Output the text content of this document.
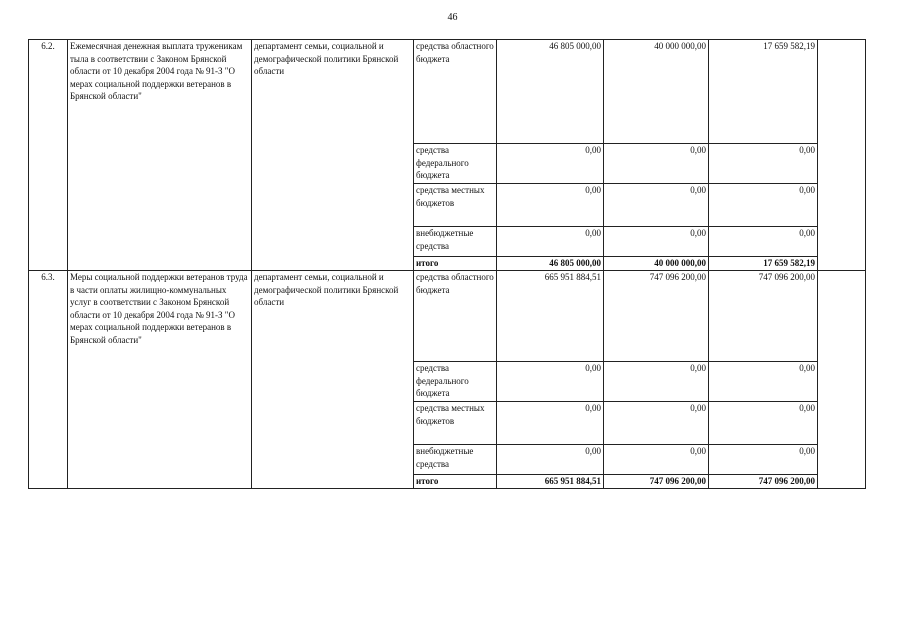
46
6.2.	Ежемесячная денежная выплата труженикам тыла в соответствии с Законом Брянской области от 10 декабря 2004 года № 91-З "О мерах социальной поддержки ветеранов в Брянской области"	департамент семьи, социальной и демографической политики Брянской области	средства областного бюджета	46 805 000,00	40 000 000,00	17 659 582,19	
			средства федерального бюджета	0,00	0,00	0,00	
			средства местных бюджетов	0,00	0,00	0,00	
			внебюджетные средства	0,00	0,00	0,00	
			итого	46 805 000,00	40 000 000,00	17 659 582,19	
6.3.	Меры социальной поддержки ветеранов труда в части оплаты жилищно-коммунальных услуг в соответствии с Законом Брянской области от 10 декабря 2004 года № 91-З "О мерах социальной поддержки ветеранов в Брянской области"	департамент семьи, социальной и демографической политики Брянской области	средства областного бюджета	665 951 884,51	747 096 200,00	747 096 200,00	
			средства федерального бюджета	0,00	0,00	0,00	
			средства местных бюджетов	0,00	0,00	0,00	
			внебюджетные средства	0,00	0,00	0,00	
			итого	665 951 884,51	747 096 200,00	747 096 200,00	
